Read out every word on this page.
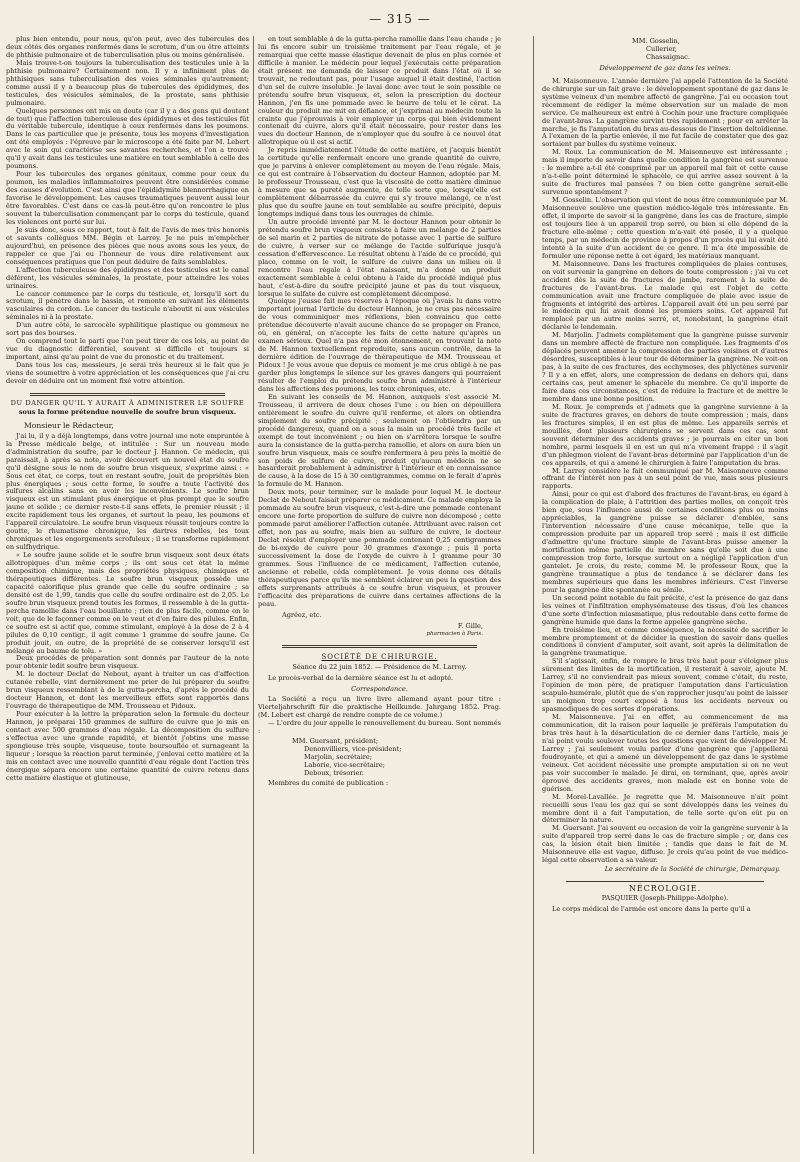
— 315 —

plus bien entendu, pour nous, qu'on peut, avec des tubercules des deux côtés des organes renfermés dans le scrotum, d'un ou être atteints de phthisie pulmonaire et de tuberculisation plus ou moins généralisée.

Mais trouve-t-on toujours la tuberculisation des testicules unie à la phthisie pulmonaire? Certainement non. Il y a infiniment plus de phthisiques sans tuberculisation des voies séminales qu'autrement; comme aussi il y a beaucoup plus de tubercules des épididymes, des testicules, des vésicules séminales, de la prostate, sans phthisie pulmonaire.

Quelques personnes ont mis en doute (car il y a des gens qui doutent de tout) que l'affection tuberculeuse des épididymes et des testicules fût du véritable tubercule, identique à ceux renfermés dans les poumons. Dans le cas particulier que je présente, tous les moyens d'investigation ont été employés : l'épreuve par le microscope a été faite par M. Lebert avec le soin qui caractérise ses savantes recherches, et l'on a trouvé qu'il y avait dans les testicules une matière en tout semblable à celle des poumons.

Pour les tubercules des organes génitaux, comme pour ceux du poumon, les maladies inflammatoires peuvent être considérées comme des causes d'évolution. C'est ainsi que l'épididymite blennorrhagique en favorise le développement. Les causes traumatiques peuvent aussi leur être favorables. C'est dans ce cas-là peut-être qu'on rencontre le plus souvent la tuberculisation commençant par le corps du testicule, quand les violences ont porté sur lui.

Je suis donc, sous ce rapport, tout à fait de l'avis de mes très honorés et savants collègues MM. Bégin et Larrey. Je ne puis m'empêcher aujourd'hui, en présence des pièces que nous avons sous les yeux, de rappeler ce que j'ai eu l'honneur de vous dire relativement aux conséquences pratiques que l'on peut déduire de faits semblables.

L'affection tuberculeuse des épididymes et des testicules est le canal déférent, les vésicules séminales, la prostate, pour atteindre les voies urinaires.

Le cancer commence par le corps du testicule, et, lorsqu'il sort du scrotum, il pénètre dans le bassin, et remonte en suivant les éléments vasculaires du cordon. Le cancer du testicule n'aboutit ni aux vésicules séminales ni à la prostate.

D'un autre côté, le sarcocèle syphilitique plastique ou gommeux ne sort pas des bourses.

On comprend tout le parti que l'on peut tirer de ces lois, au point de vue du diagnostic différentiel, souvent si difficile et toujours si important, ainsi qu'au point de vue du pronostic et du traitement.

Dans tous les cas, messieurs, je serai très heureux si le fait que je viens de soumettre à votre appréciation et les conséquences que j'ai cru devoir en déduire ont un moment fixé votre attention.

DU DANGER QU'IL Y AURAIT À ADMINISTRER LE SOUFRE
sous la forme prétendue nouvelle de soufre brun visqueux.
Monsieur le Rédacteur,

J'ai lu, il y a déjà longtemps, dans votre journal une note empruntée à la Presse médicale belge, et intitulée : Sur un nouveau mode d'administration du soufre, par le docteur J. Hannon. Ce médecin, qui paraissait, à après sa note, avoir découvert un nouvel état du soufre qu'il désigne sous le nom de soufre brun visqueux, s'exprime ainsi : « Sous cet état, ce corps, tout en restant soufre, jouit de propriétés bien plus énergiques ; sous cette forme, le soufre a toute l'activité des sulfures alcalins sans en avoir les inconvénients. Le soufre brun visqueux est un stimulant plus énergique et plus prompt que le soufre jaune et solide ; ce dernier reste-t-il sans effets, le premier réussit ; il excite rapidement tous les organes, et surtout la peau, les poumons et l'appareil circulatoire. Le soufre brun visqueux réussit toujours contre la goutte, le rhumatisme chronique, les dartres rebelles, les toux chroniques et les engorgements scrofuleux ; il se transforme rapidement en sulfhydrique.

« Le soufre jaune solide et le soufre brun visqueux sont deux états allotropiques d'un même corps ; ils ont sous cet état la même composition chimique, mais des propriétés physiques, chimiques et thérapeutiques différentes. Le soufre brun visqueux possède une capacité calorifique plus grande que celle du soufre ordinaire ; sa densité est de 1,99, tandis que celle du soufre ordinaire est de 2,05. Le soufre brun visqueux prend toutes les formes, il ressemble à de la gutta-percha ramollie dans l'eau bouillante ; rien de plus facile, comme on le voit, que de le façonner comme on le veut et d'en faire des pilules. Enfin, ce soufre est si actif que, comme stimulant, employé à la dose de 2 à 4 pilules de 0,10 centigr., il agit comme 1 gramme de soufre jaune. Ce produit jouit, en outre, de la propriété de se conserver lorsqu'il est mélangé au baume de tolu. »

Deux procédés de préparation sont donnés par l'auteur de la note pour obtenir ledit soufre brun visqueux.

M. le docteur Declat de Nebout, ayant à traiter un cas d'affection cutanée rebelle, vint dernièrement me prier de lui préparer du soufre brun visqueux ressemblant à de la gutta-percha, d'après le procédé du docteur Hannon, et dont les merveilleux effets sont rapportés dans l'ouvrage de thérapeutique de MM. Trousseau et Pidoux.

Pour exécuter à la lettre la préparation selon la formule du docteur Hannon, je préparai 150 grammes de sulfure de cuivre que je mis en contact avec 500 grammes d'eau régale. La décomposition du sulfure s'effectua avec une grande rapidité, et bientôt j'obtins une masse spongieuse très souple, visqueuse, toute boursouflée et surnageant la liqueur ; lorsque la réaction parut terminée, j'enlevai cette matière et la mis en contact avec une nouvelle quantité d'eau régale dont l'action très énergique sépara encore une certaine quantité de cuivre retenu dans cette matière élastique et glutineuse,

en tout semblable à de la gutta-percha ramollie dans l'eau chaude ; je lui fis encore subir un troisième traitement par l'eau régale, et je remarquai que cette masse élastique devenait de plus en plus cornée et difficile à manier. Le médecin pour lequel j'exécutais cette préparation était présent me demanda de laisser ce produit dans l'état où il se trouvait, ne redoutant pas, pour l'usage auquel il était destiné, l'action d'un sel de cuivre insoluble. Je lavai donc avec tout le soin possible ce prétendu soufre brun visqueux, et, selon la prescription du docteur Hannon, j'en fis une pommade avec le beurre de tolu et le cérat. La couleur du produit me mit en défiance, et j'exprimai au médecin toute la crainte que j'éprouvais à voir employer un corps qui bien évidemment contenait du cuivre, alors qu'il était nécessaire, pour rester dans les vues du docteur Hannon, de n'employer que du soufre à ce nouvel état allotropique où il est si actif.

Je repris immédiatement l'étude de cette matière, et j'acquis bientôt la certitude qu'elle renfermait encore une grande quantité de cuivre, que je parvins à enlever complètement au moyen de l'eau régale. Mais, ce qui est contraire à l'observation du docteur Hannon, adoptée par M. le professeur Trousseau, c'est que la viscosité de cette matière diminue à mesure que sa pureté augmente, de telle sorte que, lorsqu'elle est complètement débarrassée du cuivre qui s'y trouve mélangé, ce n'est plus que du soufre jaune en tout semblable au soufre précipité, depuis longtemps indiqué dans tous les ouvrages de chimie.

Un autre procédé inventé par M. le docteur Hannon pour obtenir le prétendu soufre brun visqueux consiste à faire un mélange de 2 parties de sel marin et 2 parties de nitrate de potasse avec 1 partie de sulfure de cuivre, à verser sur ce mélange de l'acide sulfurique jusqu'à cessation d'effervescence. Le résultat obtenu à l'aide de ce procédé, qui place, comme on le voit, le sulfure de cuivre dans un milieu où il rencontre l'eau régale à l'état naissant, m'a donné un produit exactement semblable à celui obtenu à l'aide du procédé indiqué plus haut, c'est-à-dire du soufre précipité jaune et pas du tout visqueux, lorsque le sulfate de cuivre est complètement décomposé.

Quoique j'eusse fait mes réserves à l'époque où j'avais lu dans votre important journal l'article du docteur Hannon, je ne crus pas nécessaire de vous communiquer mes réflexions, bien convaincu que cette prétendue découverte n'avait aucune chance de se propager en France, où, en général, on n'accepte les faits de cette nature qu'après un examen sérieux. Quel n'a pas été mon étonnement, en trouvant la note de M. Hannon textuellement reproduite, sans aucun contrôle, dans la dernière édition de l'ouvrage de thérapeutique de MM. Trousseau et Pidoux ! Je vous avoue que depuis ce moment je me crus obligé à ne pas garder plus longtemps le silence sur les graves dangers qui pourraient résulter de l'emploi du prétendu soufre brun administré à l'intérieur dans les affections des poumons, les toux chroniques, etc.

En suivant les conseils de M. Hannon, auxquels s'est associé M. Trousseau, il arrivera de deux choses l'une : ou bien on dépouillera entièrement le soufre du cuivre qu'il renferme, et alors on obtiendra simplement du soufre précipité ; seulement on l'obtiendra par un procédé dangereux, quand on a sous la main un procédé très facile et exempt de tout inconvénient ; ou bien on s'arrêtera lorsque le soufre aura la consistance de la gutta-percha ramollie, et alors on aura bien un soufre brun visqueux, mais ce soufre renfermera à peu près la moitié de son poids de sulfure de cuivre, produit qu'aucun médecin ne se hasarderait probablement à administrer à l'intérieur et en connaissance de cause, à la dose de 15 à 30 centigrammes, comme on le ferait d'après la formule de M. Hannon.

Deux mots, pour terminer, sur le malade pour lequel M. le docteur Declat de Nebout faisait préparer ce médicament. Ce malade employa la pommade au soufre brun visqueux, c'est-à-dire une pommade contenant encore une forte proportion de sulfure de cuivre non décomposé ; cette pommade parut améliorer l'affection cutanée. Attribuant avec raison cet effet, non pas au soufre, mais bien au sulfure de cuivre, le docteur Declat résolut d'employer une pommade contenant 0,25 centigrammes de bi-oxyde de cuivre pour 30 grammes d'axonge ; puis il porta successivement la dose de l'oxyde de cuivre à 1 gramme pour 30 grammes. Sous l'influence de ce médicament, l'affection cutanée, ancienne et rebelle, céda complètement. Je vous donne ces détails thérapeutiques parce qu'ils me semblent éclairer un peu la question des effets surprenants attribués à ce soufre brun visqueux, et prouver l'efficacité des préparations de cuivre dans certaines affections de la peau.

Agréez, etc.
F. Gille,
pharmacien à Paris.
SOCIÉTÉ DE CHIRURGIE.
Séance du 22 juin 1852. — Présidence de M. Larrey.

Le procès-verbal de la dernière séance est lu et adopté.

Correspondance.

La Société a reçu un livre livre allemand ayant pour titre : Vierteljahrschrift für die praktische Heilkunde. Jahrgang 1852. Prag. (M. Lebert est chargé de rendre compte de ce volume.)

— L'ordre du jour appelle le renouvellement du bureau. Sont nommés :

MM. Guersant, président;
Denonvilliers, vice-président;
Marjolin, secrétaire;
Laborie, vice-secrétaire;
Deboux, trésorier.

Membres du comité de publication :

MM. Gosselin,
Cullerier,
Chassaignac.
Développement de gaz dans les veines.

M. Maisonneuve. L'année dernière j'ai appelé l'attention de la Société de chirurgie sur un fait grave : le développement spontané de gaz dans le système veineux d'un membre affecté de gangrène. J'ai eu occasion tout récemment de rédiger la même observation sur un malade de mon service. Ce malheureux est entré à Cochin pour une fracture compliquée de l'avant-bras. La gangrène survint très rapidement ; pour en arrêter la marche, je fis l'amputation du bras au-dessous de l'insertion deltoïdienne. A l'examen de la partie enlevée, il me fut facile de constater que des gaz sortaient par bulles du système veineux.

M. Roux. La communication de M. Maisonneuve est intéressante ; mais il importe de savoir dans quelle condition la gangrène est survenue : le membre a-t-il été comprimé par un appareil mal fait et cette cause n'a-t-elle point déterminé le sphacèle, ce qui arrive assez souvent à la suite de fractures mal pansées ? ou bien cette gangrène serait-elle survenue spontanément ?

M. Gosselin. L'observation qui vient de nous être communiquée par M. Maisonneuve soulève une question médico-légale très intéressante. En effet, il importe de savoir si la gangrène, dans les cas de fracture, simple est toujours liée à un appareil trop serré, ou bien si elle dépend de la fracture elle-même ; cette question m'a-vait été posée, il y a quelque temps, par un médecin de province à propos d'un procès qui lui avait été intenté à la suite d'un accident de ce genre. Il m'a été impossible de formuler une réponse nette à cet égard, les matériaux manquant.

M. Maisonneuve. Dans les fractures compliquées de plaies contuses, on voit survenir la gangrène en dehors de toute compression ; j'ai vu cet accident dès la suite de fractures de jambe, rarement à la suite de fractures de l'avant-bras. Le malade qui est l'objet de cette communication avait une fracture compliquée de plaie avec issue de fragments et intégrité des artères. L'appareil avait été un peu serré par le médecin qui lui avait donné les premiers soins. Cet appareil fut remplacé par un autre moins serré, et, nonobstant, la gangrène était déclarée le lendemain.

M. Marjolin. J'admets complètement que la gangrène puisse survenir dans un membre affecté de fracture non compliquée. Les fragments d'os déplacés peuvent amener la compression des parties voisines et d'autres désordres, susceptibles à leur tour de déterminer la gangrène. Ne voit-on pas, à la suite de ces fractures, des ecchymoses, des phlyctènes survenir ? Il y a en effet, alors, une compression de dedans en dehors qui, dans certains cas, peut amener le sphacèle du membre. Ce qu'il importe de faire dans ces circonstances, c'est de réduire la fracture et de mettre le membre dans une bonne position.

M. Roux. Je comprends et j'admets que la gangrène survienne à la suite de fractures graves, en dehors de toute compression ; mais, dans les fractures simples, il en est plus de même. Les appareils serrés et mouillés, dont plusieurs chirurgiens se servent dans ces cas, sont souvent déterminer des accidents graves ; je pourrais en citer un bon nombre, parmi lesquels il en est un qui m'a vivement frappé : il s'agit d'un phlegmon violent de l'avant-bras déterminé par l'application d'un de ces appareils, et qui a amené le chirurgien à faire l'amputation du bras.

M. Larrey considère le fait communiqué par M. Maisonneuve comme offrant de l'intérêt non pas à un seul point de vue, mais sous plusieurs rapports.

Ainsi, pour ce qui est d'abord des fractures de l'avant-bras, eu égard à la complication de plaie, à l'attrition des parties molles, on conçoit très bien que, sous l'influence aussi de certaines conditions plus ou moins appréciables, la gangrène puisse se déclarer d'emblée, sans l'intervention nécessaire d'une cause mécanique, telle que la compression produite par un appareil trop serré ; mais il est difficile d'admettre qu'une fracture simple de l'avant-bras puisse amener la mortification même partielle du membre sans qu'elle soit due à une compression trop forte, lorsque surtout on a négligé l'application d'un gantelet. Je crois, du reste, comme M. le professeur Roux, que la gangrène traumatique a plus de tendance à se déclarer dans les membres supérieurs que dans les membres inférieurs. C'est l'inverse pour la gangrène dite spontanée ou sénile.

Un second point notable du fait précité, c'est la présence de gaz dans les veines et l'infiltration emphysémateuse des tissus, d'où les chances d'une sorte d'infection miasmatique, plus redoutable dans cette forme de gangrène humide que dans la forme appelée gangrène sèche.

En troisième lieu, et comme conséquence, la nécessité de sacrifier le membre promptement et de décider la question de savoir dans quelles conditions il convient d'amputer, soit avant, soit après la délimitation de la gangrène traumatique.

S'il s'agissait, enfin, de rompre le bras très haut pour s'éloigner plus sûrement des limites de la mortification, il resterait à savoir, ajoute M. Larrey, s'il ne conviendrait pas mieux souvent, comme c'était, du reste, l'opinion de mon père, de pratiquer l'amputation dans l'articulation scapulo-humérale, plutôt que de s'en rapprocher jusqu'au point de laisser un moignon trop court exposé à tous les accidents nerveux ou spasmodiques de ces sortes d'opérations.

M. Maisonneuve. J'ai en effet, au commencement de ma communication, dit la raison pour laquelle je préférais l'amputation du bras très haut à la désarticulation de ce dernier dans l'article, mais je n'ai point voulu soulever toutes les questions que vient de développer M. Larrey ; j'ai seulement voulu parler d'une gangrène que j'appellerai foudroyante, et qui a amené un développement de gaz dans le système veineux. Cet accident nécessite une prompte amputation si on ne veut pas voir succomber le malade. Je dirai, en terminant, que, après avoir éprouvé des accidents graves, mon malade est en bonne voie de guérison.

M. Morel-Lavallée. Je regrette que M. Maisonneuve n'ait point recueilli sous l'eau les gaz qui se sont développés dans les veines du membre dont il a fait l'amputation, de telle sorte qu'on eût pu en déterminer la nature.

M. Guersant. J'ai souvent eu occasion de voir la gangrène survenir à la suite d'appareil trop serré dans le cas de fracture simple ; or, dans ces cas, la lésion était bien limitée ; tandis que dans le fait de M. Maisonneuve elle est vague, diffuse. Je crois qu'au point de vue médico-légal cette observation a sa valeur.

Le secrétaire de la Société de chirurgie, Demarquay.
NÉCROLOGIE.
PASQUIER (Joseph-Philippe-Adolphe).

Le corps médical de l'armée est encore dans la perte qu'il a
